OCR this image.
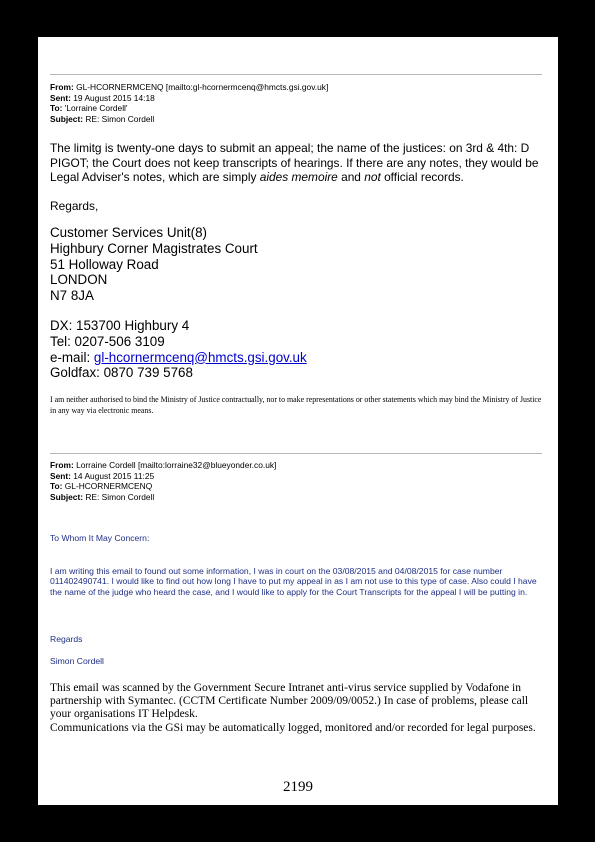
From: GL-HCORNERMCENQ [mailto:gl-hcornermcenq@hmcts.gsi.gov.uk]
Sent: 19 August 2015 14:18
To: 'Lorraine Cordell'
Subject: RE: Simon Cordell
The limitg is twenty-one days to submit an appeal; the name of the justices: on 3rd & 4th: D PIGOT; the Court does not keep transcripts of hearings. If there are any notes, they would be Legal Adviser's notes, which are simply aides memoire and not official records.
Regards,
Customer Services Unit(8)
Highbury Corner Magistrates Court
51 Holloway Road
LONDON
N7 8JA
DX: 153700 Highbury 4
Tel: 0207-506 3109
e-mail: gl-hcornermcenq@hmcts.gsi.gov.uk
Goldfax: 0870 739 5768
I am neither authorised to bind the Ministry of Justice contractually, nor to make representations or other statements which may bind the Ministry of Justice in any way via electronic means.
From: Lorraine Cordell [mailto:lorraine32@blueyonder.co.uk]
Sent: 14 August 2015 11:25
To: GL-HCORNERMCENQ
Subject: RE: Simon Cordell
To Whom It May Concern:
I am writing this email to found out some information, I was in court on the 03/08/2015 and 04/08/2015 for case number 011402490741. I would like to find out how long I have to put my appeal in as I am not use to this type of case. Also could I have the name of the judge who heard the case, and I would like to apply for the Court Transcripts for the appeal I will be putting in.
Regards
Simon Cordell
This email was scanned by the Government Secure Intranet anti-virus service supplied by Vodafone in partnership with Symantec. (CCTM Certificate Number 2009/09/0052.) In case of problems, please call your organisations IT Helpdesk.
Communications via the GSi may be automatically logged, monitored and/or recorded for legal purposes.
2199
